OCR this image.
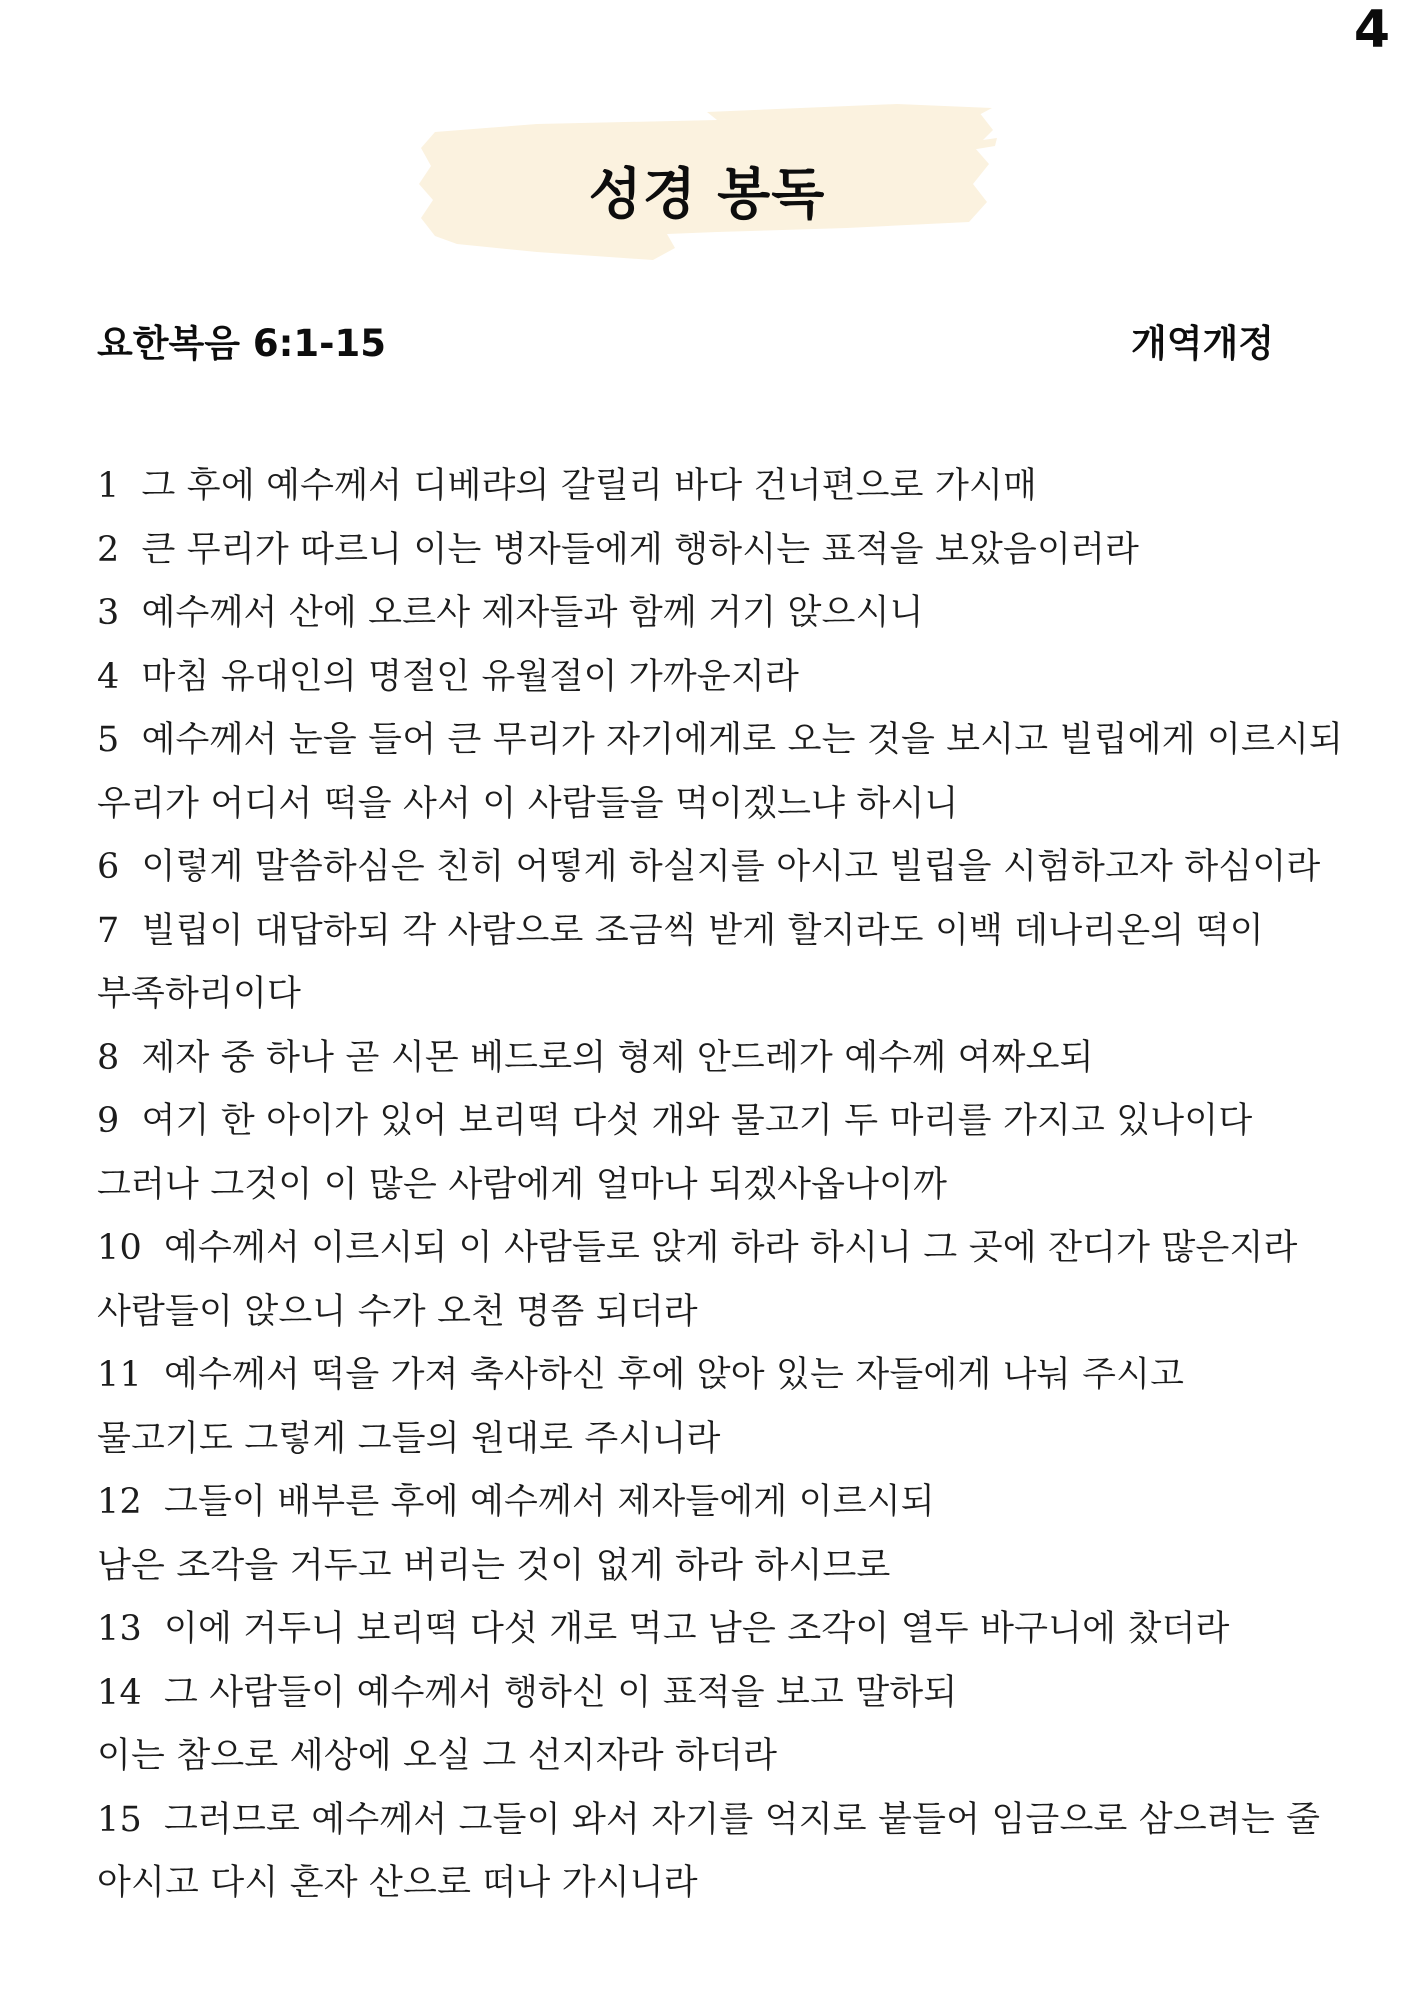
4
성경 봉독
요한복음 6:1-15	개역개정
1 그 후에 예수께서 디베랴의 갈릴리 바다 건너편으로 가시매
2 큰 무리가 따르니 이는 병자들에게 행하시는 표적을 보았음이러라
3 예수께서 산에 오르사 제자들과 함께 거기 앉으시니
4 마침 유대인의 명절인 유월절이 가까운지라
5 예수께서 눈을 들어 큰 무리가 자기에게로 오는 것을 보시고 빌립에게 이르시되
우리가 어디서 떡을 사서 이 사람들을 먹이겠느냐 하시니
6 이렇게 말씀하심은 친히 어떻게 하실지를 아시고 빌립을 시험하고자 하심이라
7 빌립이 대답하되 각 사람으로 조금씩 받게 할지라도 이백 데나리온의 떡이
부족하리이다
8 제자 중 하나 곧 시몬 베드로의 형제 안드레가 예수께 여짜오되
9 여기 한 아이가 있어 보리떡 다섯 개와 물고기 두 마리를 가지고 있나이다
그러나 그것이 이 많은 사람에게 얼마나 되겠사옵나이까
10 예수께서 이르시되 이 사람들로 앉게 하라 하시니 그 곳에 잔디가 많은지라
사람들이 앉으니 수가 오천 명쯤 되더라
11 예수께서 떡을 가져 축사하신 후에 앉아 있는 자들에게 나눠 주시고
물고기도 그렇게 그들의 원대로 주시니라
12 그들이 배부른 후에 예수께서 제자들에게 이르시되
남은 조각을 거두고 버리는 것이 없게 하라 하시므로
13 이에 거두니 보리떡 다섯 개로 먹고 남은 조각이 열두 바구니에 찼더라
14 그 사람들이 예수께서 행하신 이 표적을 보고 말하되
이는 참으로 세상에 오실 그 선지자라 하더라
15 그러므로 예수께서 그들이 와서 자기를 억지로 붙들어 임금으로 삼으려는 줄
아시고 다시 혼자 산으로 떠나 가시니라
